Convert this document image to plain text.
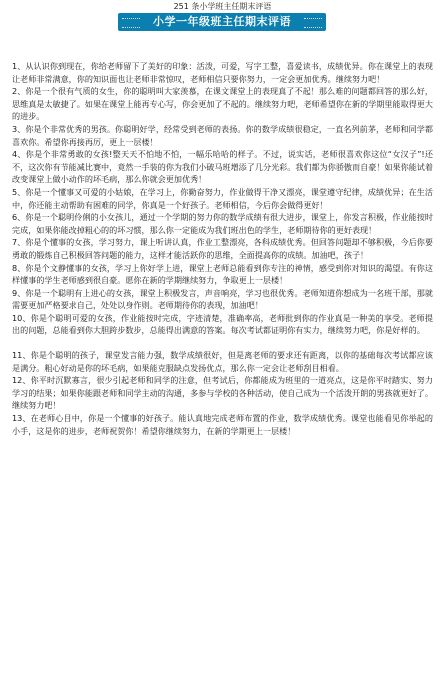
251 条小学班主任期末评语
小学一年级班主任期末评语

1、从认识你到现在，你给老师留下了美好的印象：活泼，可爱，写字工整，喜爱读书，成绩优异。你在课堂上的表现让老师非常满意，你的知识面也让老师非常惊叹，老师相信只要你努力，一定会更加优秀。继续努力吧！

2、你是一个很有气质的女生，你的聪明叫大家羡慕，在课文课堂上的表现真了不起！那么难的问题都回答的那么好，思维真是太敏捷了。如果在课堂上能再专心写，你会更加了不起的。继续努力吧，老师希望你在新的学期里能取得更大的进步。

3、你是个非常优秀的男孩。你聪明好学，经常受到老师的表扬。你的数学成绩很稳定，一直名列前茅，老师和同学都喜欢你。希望你再接再厉，更上一层楼！

4、你是个非常勇敢的女孩!整天天不怕地不怕，一幅乐哈哈的样子。不过，说实话，老师很喜欢你这位“女汉子”!还不，这次你有节能减比赛中，竟然一手装的你为我们小破马班增添了几分光彩。我们都为你骄傲而自豪！如果你能试着改变课堂上做小动作的坏毛病，那么你就会更加优秀！

5、你是一个懂事又可爱的小姑娘，在学习上，你勤奋努力，作业做得干净又漂亮，课堂遵守纪律，成绩优异；在生活中，你还能主动帮助有困难的同学，你真是一个好孩子。老师相信，今后你会做得更好！

6、你是一个聪明伶俐的小女孩儿，通过一个学期的努力你的数学成绩有很大进步，课堂上，你发言积极，作业能按时完成，如果你能改掉粗心的的坏习惯，那么你一定能成为我们班出色的学生，老师期待你的更好表现！

7、你是个懂事的女孩，学习努力，课上听讲认真，作业工整漂亮，各科成绩优秀。但回答问题却不够积极，今后你要勇敢的锻炼自己积极回答问题的能力，这样才能活跃你的思维，全面提高你的成绩。加油吧，孩子！

8、你是个文静懂事的女孩，学习上你好学上进，课堂上老师总能看到你专注的神情，感受到你对知识的渴望。有你这样懂事的学生老师感到很自豪。愿你在新的学期继续努力，争取更上一层楼！

9、你是一个聪明有上进心的女孩，课堂上积极发言，声音响亮，学习也很优秀。老师知道你想成为一名班干部，那就需要更加严格要求自己，处处以身作则。老师期待你的表现，加油吧！

10、你是个聪明可爱的女孩，作业能按时完成，字迹清楚，准确率高，老师批到你的作业真是一种美的享受。老师提出的问题，总能看到你大胆跨步数步，总能得出满意的答案。每次考试都证明你有实力，继续努力吧，你是好样的。

11、你是个聪明的孩子，课堂发言能力强，数学成绩很好，但是离老师的要求还有距离，以你的基础每次考试都应该是满分。粗心好动是你的坏毛病，如果能克服缺点发扬优点，那么你一定会让老师刮目相看。

12、你平时沉默寡言，很少引起老师和同学的注意，但考试后，你都能成为班里的一道亮点，这是你平时踏实、努力学习的结果；如果你能跟老师和同学主动的沟通，多参与学校的各种活动，使自己成为一个活泼开朗的男孩就更好了。继续努力吧！

13、在老师心目中，你是一个懂事的好孩子。能认真地完成老师布置的作业，数学成绩优秀。课堂也能看见你举起的小手，这是你的进步，老师祝贺你！希望你继续努力，在新的学期更上一层楼！
